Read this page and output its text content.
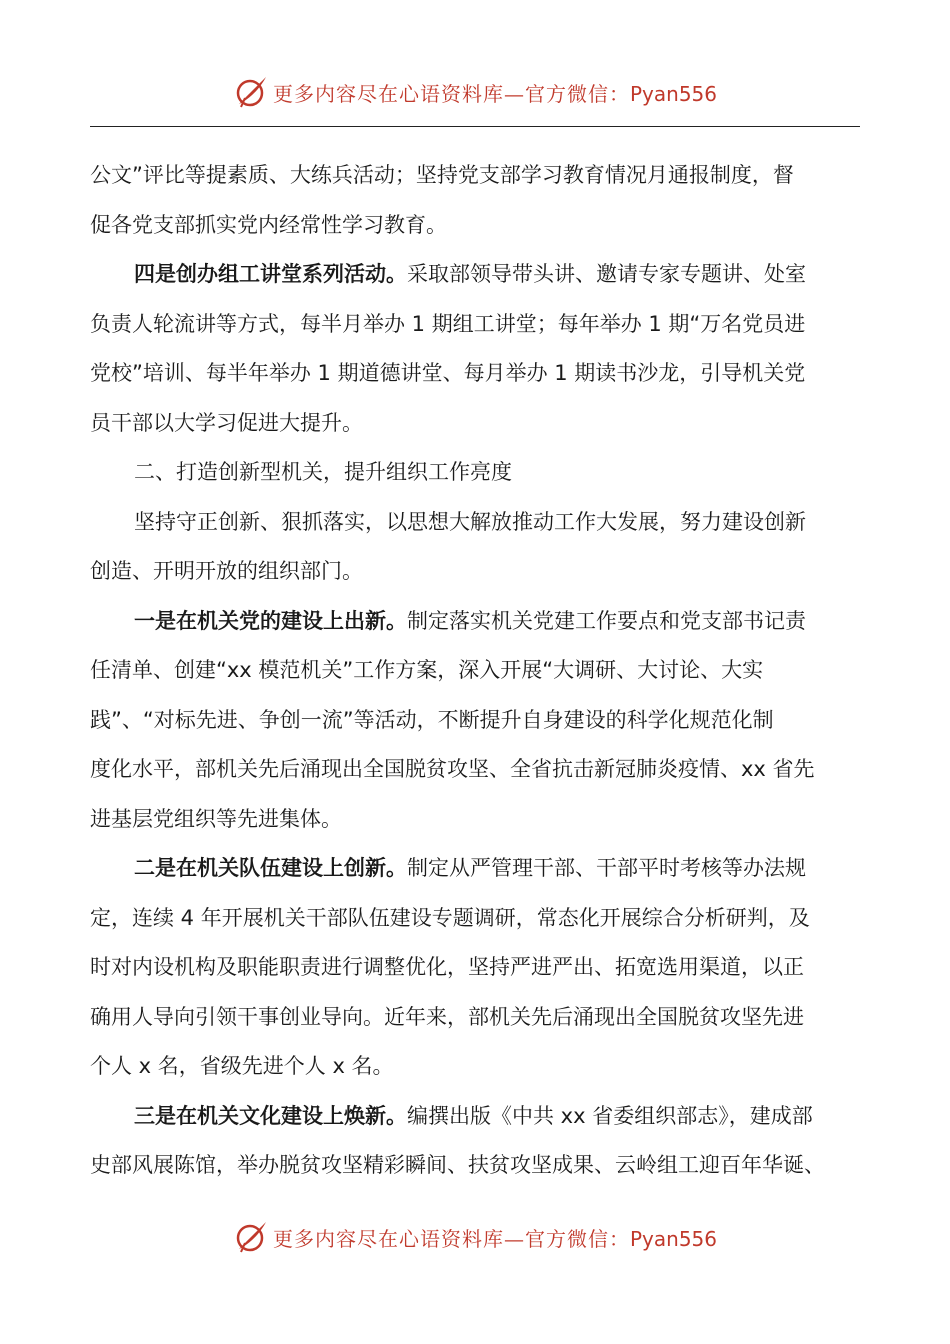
更多内容尽在心语资料库—官方微信：Pyan556

公文”评比等提素质、大练兵活动；坚持党支部学习教育情况月通报制度，督

促各党支部抓实党内经常性学习教育。

四是创办组工讲堂系列活动。采取部领导带头讲、邀请专家专题讲、处室

负责人轮流讲等方式，每半月举办 1 期组工讲堂；每年举办 1 期“万名党员进

党校”培训、每半年举办 1 期道德讲堂、每月举办 1 期读书沙龙，引导机关党

员干部以大学习促进大提升。

二、打造创新型机关，提升组织工作亮度

坚持守正创新、狠抓落实，以思想大解放推动工作大发展，努力建设创新

创造、开明开放的组织部门。

一是在机关党的建设上出新。制定落实机关党建工作要点和党支部书记责

任清单、创建“xx 模范机关”工作方案，深入开展“大调研、大讨论、大实

践”、“对标先进、争创一流”等活动，不断提升自身建设的科学化规范化制

度化水平，部机关先后涌现出全国脱贫攻坚、全省抗击新冠肺炎疫情、xx 省先

进基层党组织等先进集体。

二是在机关队伍建设上创新。制定从严管理干部、干部平时考核等办法规

定，连续 4 年开展机关干部队伍建设专题调研，常态化开展综合分析研判，及

时对内设机构及职能职责进行调整优化，坚持严进严出、拓宽选用渠道，以正

确用人导向引领干事创业导向。近年来，部机关先后涌现出全国脱贫攻坚先进

个人 x 名，省级先进个人 x 名。

三是在机关文化建设上焕新。编撰出版《中共 xx 省委组织部志》，建成部

史部风展陈馆，举办脱贫攻坚精彩瞬间、扶贫攻坚成果、云岭组工迎百年华诞、

更多内容尽在心语资料库—官方微信：Pyan556
